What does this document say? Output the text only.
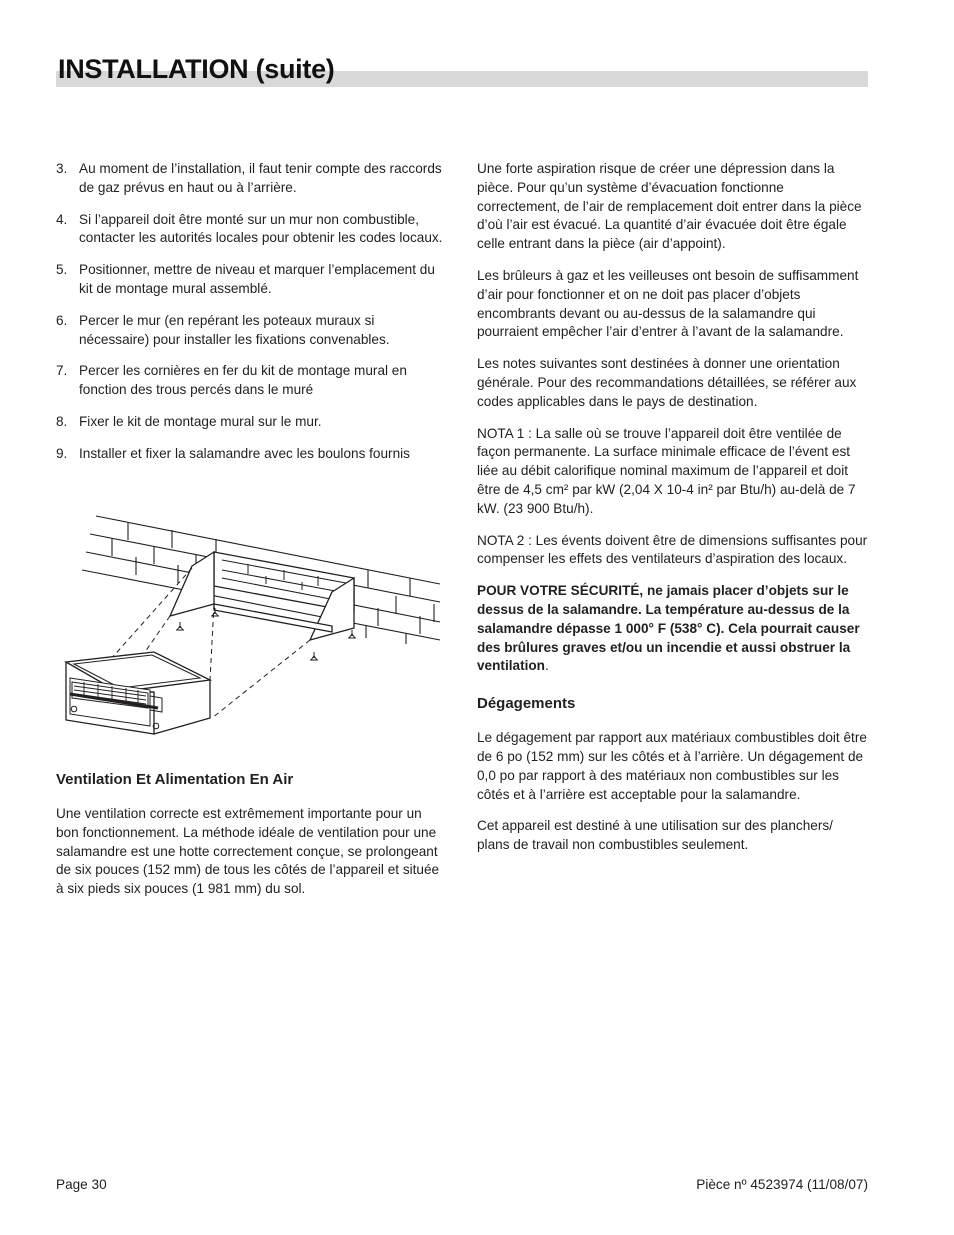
INSTALLATION (suite)
3. Au moment de l’installation, il faut tenir compte des raccords de gaz prévus en haut ou à l’arrière.
4. Si l’appareil doit être monté sur un mur non combustible, contacter les autorités locales pour obtenir les codes locaux.
5. Positionner, mettre de niveau et marquer l’emplacement du kit de montage mural assemblé.
6. Percer le mur (en repérant les poteaux muraux si nécessaire) pour installer les fixations convenables.
7. Percer les cornières en fer du kit de montage mural en fonction des trous percés dans le muré
8. Fixer le kit de montage mural sur le mur.
9. Installer et fixer la salamandre avec les boulons fournis
Ventilation Et Alimentation En Air

Une ventilation correcte est extrêmement importante pour un bon fonctionnement. La méthode idéale de ventilation pour une salamandre est une hotte correctement conçue, se prolongeant de six pouces (152 mm) de tous les côtés de l’appareil et située à six pieds six pouces (1 981 mm) du sol.

Une forte aspiration risque de créer une dépression dans la pièce. Pour qu’un système d’évacuation fonctionne correctement, de l’air de remplacement doit entrer dans la pièce d’où l’air est évacué. La quantité d’air évacuée doit être égale celle entrant dans la pièce (air d’appoint).

Les brûleurs à gaz et les veilleuses ont besoin de suffisamment d’air pour fonctionner et on ne doit pas placer d’objets encombrants devant ou au-dessus de la salamandre qui pourraient empêcher l’air d’entrer à l’avant de la salamandre.

Les notes suivantes sont destinées à donner une orientation générale. Pour des recommandations détaillées, se référer aux codes applicables dans le pays de destination.

NOTA 1 : La salle où se trouve l’appareil doit être ventilée de façon permanente. La surface minimale efficace de l’évent est liée au débit calorifique nominal maximum de l’appareil et doit être de 4,5 cm² par kW (2,04 X 10-4 in² par Btu/h) au-delà de 7 kW. (23 900 Btu/h).

NOTA 2 : Les évents doivent être de dimensions suffisantes pour compenser les effets des ventilateurs d’aspiration des locaux.

POUR VOTRE SÉCURITÉ, ne jamais placer d’objets sur le dessus de la salamandre. La température au-dessus de la salamandre dépasse 1 000° F (538° C). Cela pourrait causer des brûlures graves et/ou un incendie et aussi obstruer la ventilation.

Dégagements

Le dégagement par rapport aux matériaux combustibles doit être de 6 po (152 mm) sur les côtés et à l’arrière. Un dégagement de 0,0 po par rapport à des matériaux non combustibles sur les côtés et à l’arrière est acceptable pour la salamandre.

Cet appareil est destiné à une utilisation sur des planchers/ plans de travail non combustibles seulement.

Page 30	Pièce nº 4523974 (11/08/07)
